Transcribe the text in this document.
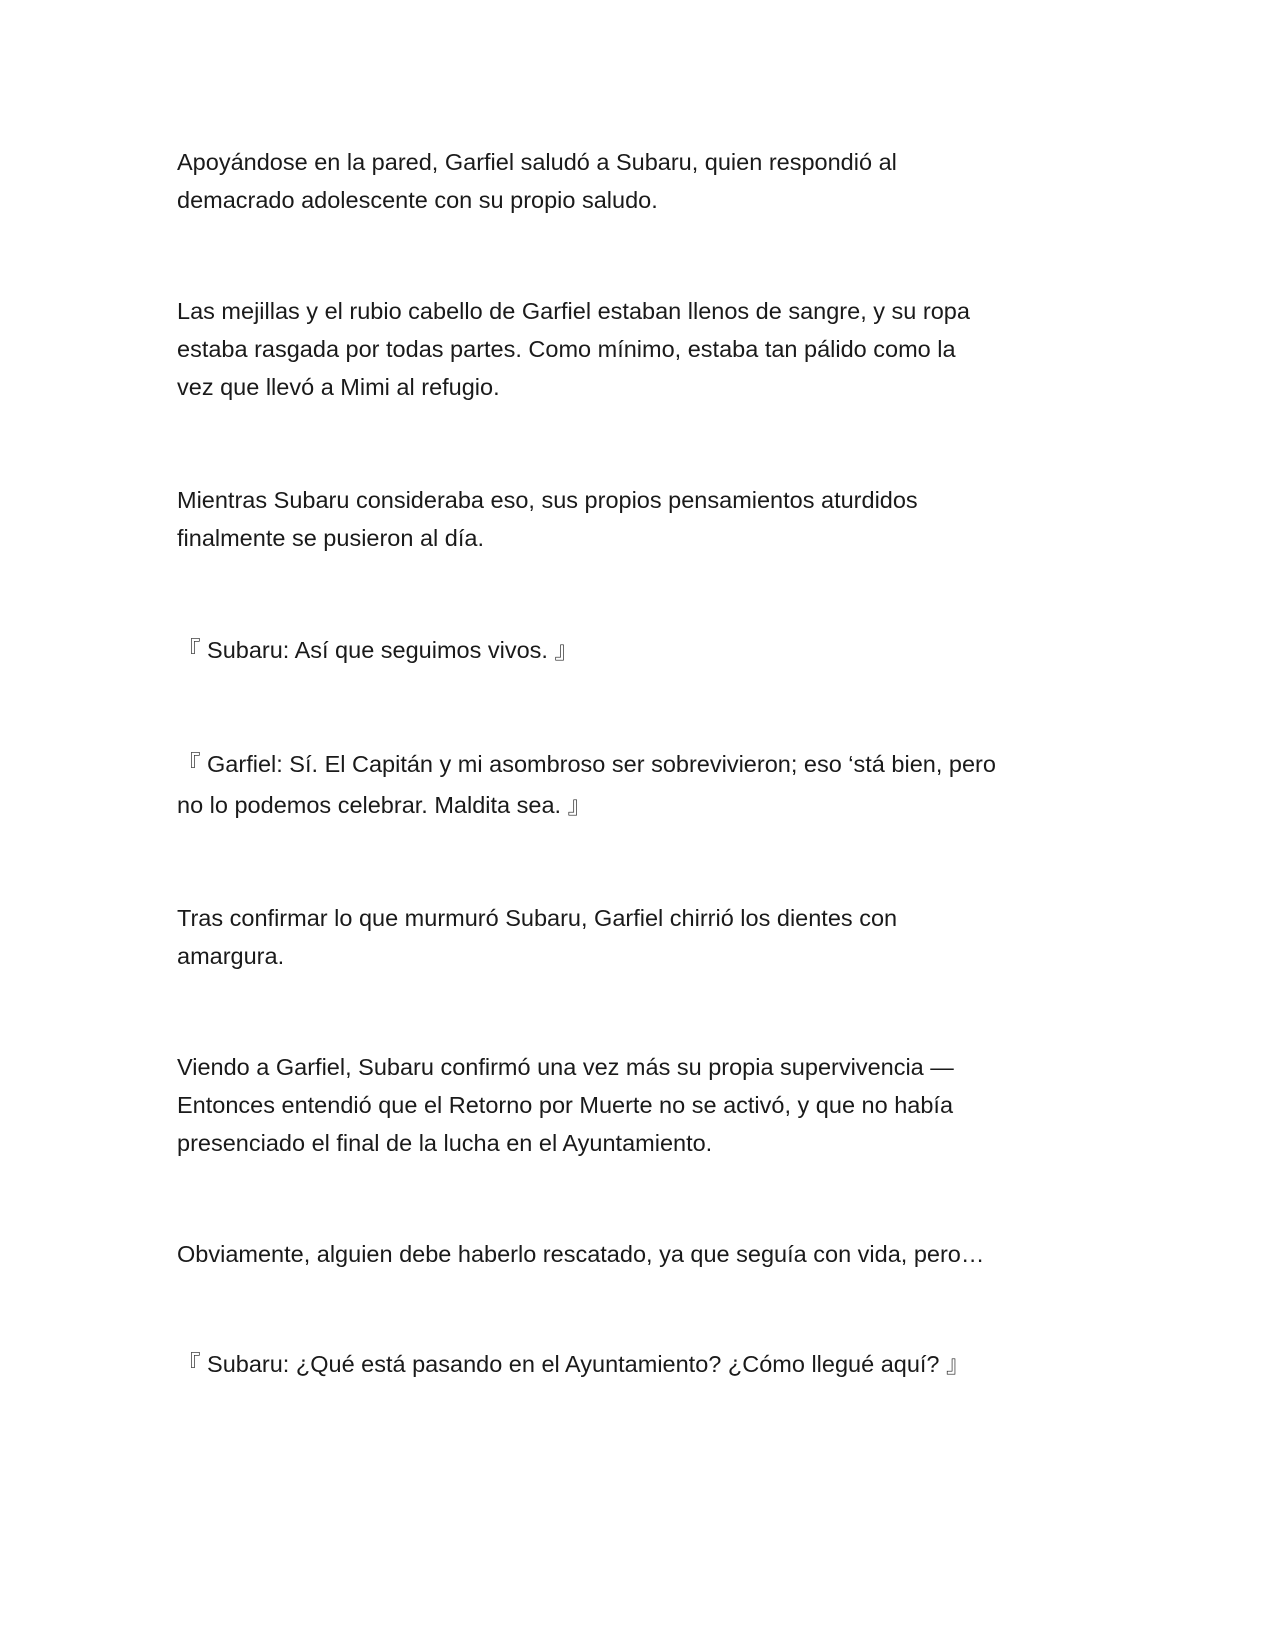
Apoyándose en la pared, Garfiel saludó a Subaru, quien respondió al
demacrado adolescente con su propio saludo.

Las mejillas y el rubio cabello de Garfiel estaban llenos de sangre, y su ropa
estaba rasgada por todas partes. Como mínimo, estaba tan pálido como la
vez que llevó a Mimi al refugio.

Mientras Subaru consideraba eso, sus propios pensamientos aturdidos
finalmente se pusieron al día.

『 Subaru: Así que seguimos vivos. 』

『 Garfiel: Sí. El Capitán y mi asombroso ser sobrevivieron; eso ‘stá bien, pero
no lo podemos celebrar. Maldita sea. 』

Tras confirmar lo que murmuró Subaru, Garfiel chirrió los dientes con
amargura.

Viendo a Garfiel, Subaru confirmó una vez más su propia supervivencia —
Entonces entendió que el Retorno por Muerte no se activó, y que no había
presenciado el final de la lucha en el Ayuntamiento.

Obviamente, alguien debe haberlo rescatado, ya que seguía con vida, pero…

『 Subaru: ¿Qué está pasando en el Ayuntamiento? ¿Cómo llegué aquí? 』
